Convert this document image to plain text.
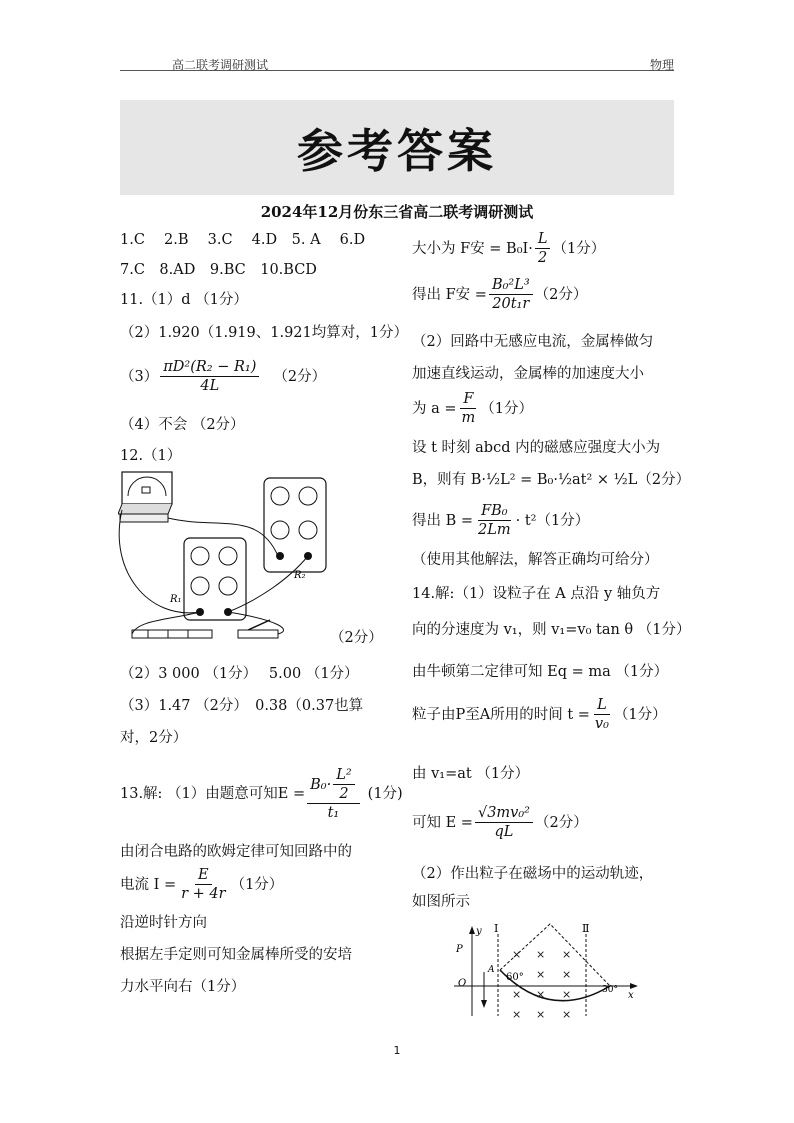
高二联考调研测试	物理
参考答案
2024年12月份东三省高二联考调研测试
1.C　 2.B　 3.C　 4.D　5. A　 6.D
7.C　8.AD　9.BC　10.BCD
11.（1）d （1分）
（2）1.920（1.919、1.921均算对，1分）
$(3) \frac{\text{πD²(R₂ − R₁)}}{4L} (2$分）
（4）不会 （2分）
12.（1）
R₁
R₂
（2分）
（2）3 000 （1分）　 5.00 （1分）
（3）1.47 （2分）　0.38（0.37也算
对，2分）
13.解: （1）由题意可知$E = \frac{B_0\cdot \frac{\text{L²}}{2}}{\text{t₁}} (1$分)
由闭合电路的欧姆定律可知回路中的
电流 $I = \frac{E}{r + 4r} (1$分）
沿逆时针方向
根据左手定则可知金属棒所受的安培
力水平向右（1分）
大小为 F安 = $B_0I\cdot \frac{L}{2} (1$分）
得出 F安 = $\frac{\text{B₀²L³}}{\text{20t₁r}} (2$分）
（2）回路中无感应电流，金属棒做匀
加速直线运动，金属棒的加速度大小
为 $a = \frac{F}{m} (1$分）
设 t 时刻 abcd 内的磁感应强度大小为
B，则有 B·½L² = B₀·½at² × ½L（2分）
得出 $B = \frac{\text{FB₀}}{2Lm} \cdot t^2(1$分）
（使用其他解法，解答正确均可给分）
14.解:（1）设粒子在 A 点沿 y 轴负方
向的分速度为 v₁，则 v₁=v₀ tan θ （1分）
由牛顿第二定律可知 Eq = ma （1分）
粒子由P至A所用的时间 $t = \frac{L}{\text{v₀}} (1$分）
由 v₁=at （1分）
可知 $E = \frac{\text{√3mv₀²}}{qL} (2$分）
（2）作出粒子在磁场中的运动轨迹，
如图所示
y
x
O
P
A
Ⅰ	Ⅱ
× × ×
× ×
× × ×
× × ×
60°
30°
1
